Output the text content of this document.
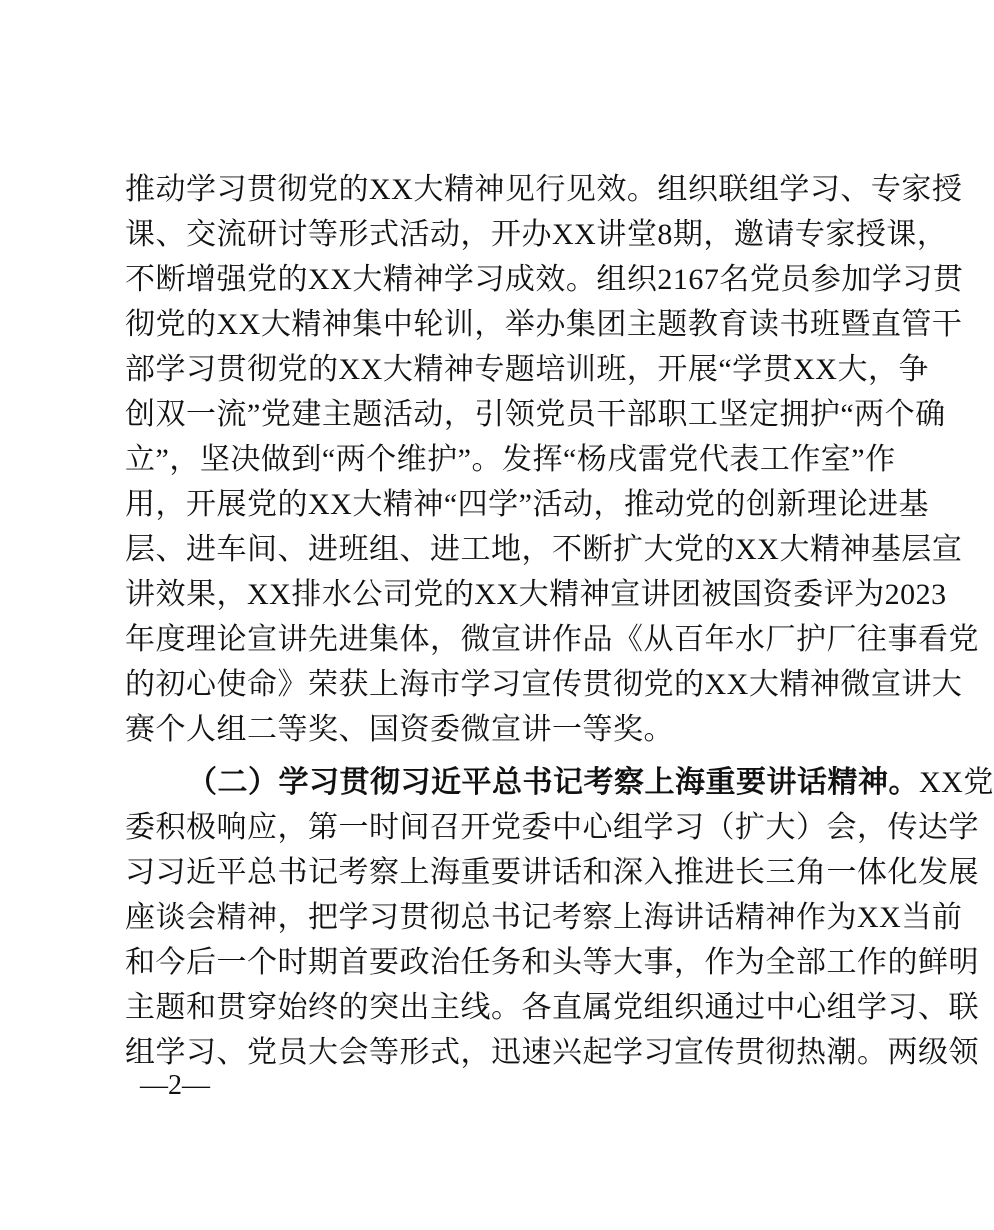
推动学习贯彻党的XX大精神见行见效。组织联组学习、专家授
课、交流研讨等形式活动，开办XX讲堂8期，邀请专家授课，
不断增强党的XX大精神学习成效。组织2167名党员参加学习贯
彻党的XX大精神集中轮训，举办集团主题教育读书班暨直管干
部学习贯彻党的XX大精神专题培训班，开展“学贯XX大，争
创双一流”党建主题活动，引领党员干部职工坚定拥护“两个确
立”，坚决做到“两个维护”。发挥“杨戌雷党代表工作室”作
用，开展党的XX大精神“四学”活动，推动党的创新理论进基
层、进车间、进班组、进工地，不断扩大党的XX大精神基层宣
讲效果，XX排水公司党的XX大精神宣讲团被国资委评为2023
年度理论宣讲先进集体，微宣讲作品《从百年水厂护厂往事看党
的初心使命》荣获上海市学习宣传贯彻党的XX大精神微宣讲大
赛个人组二等奖、国资委微宣讲一等奖。
（二）学习贯彻习近平总书记考察上海重要讲话精神。XX党
委积极响应，第一时间召开党委中心组学习（扩大）会，传达学
习习近平总书记考察上海重要讲话和深入推进长三角一体化发展
座谈会精神，把学习贯彻总书记考察上海讲话精神作为XX当前
和今后一个时期首要政治任务和头等大事，作为全部工作的鲜明
主题和贯穿始终的突出主线。各直属党组织通过中心组学习、联
组学习、党员大会等形式，迅速兴起学习宣传贯彻热潮。两级领
—2—
